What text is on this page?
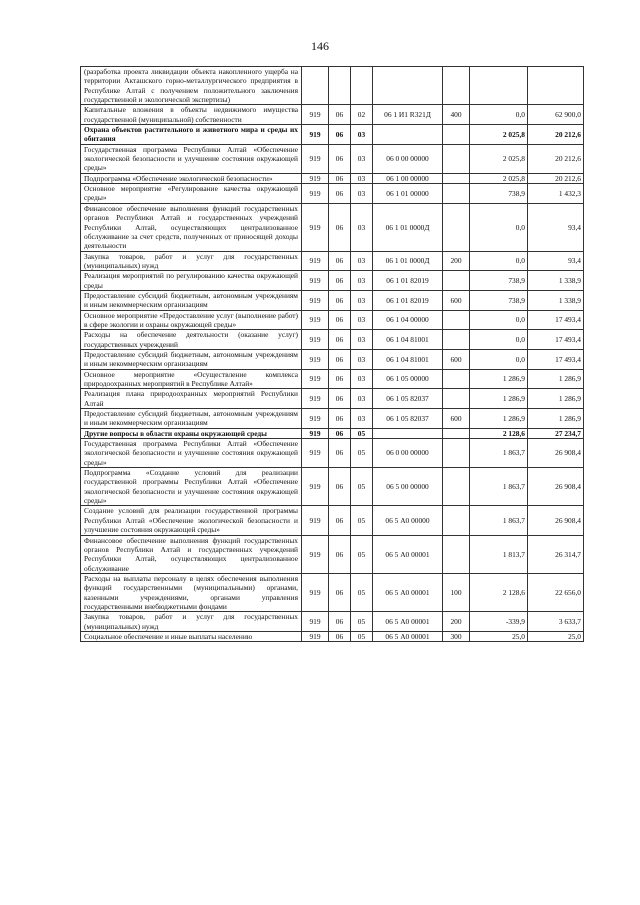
146
(разработка проекта ликвидации объекта накопленного ущерба на территории Акташского горно-металлургического предприятия в Республике Алтай с получением положительного заключения государственной и экологической экспертизы)							
Капитальные вложения в объекты недвижимого имущества государственной (муниципальной) собственности	919	06	02	06 1 И1 R321Д	400	0,0	62 900,0
Охрана объектов растительного и животного мира и среды их обитания	919	06	03			2 025,8	20 212,6
Государственная программа Республики Алтай «Обеспечение экологической безопасности и улучшение состояния окружающей среды»	919	06	03	06 0 00 00000		2 025,8	20 212,6
Подпрограмма «Обеспечение экологической безопасности»	919	06	03	06 1 00 00000		2 025,8	20 212,6
Основное мероприятие «Регулирование качества окружающей среды»	919	06	03	06 1 01 00000		738,9	1 432,3
Финансовое обеспечение выполнения функций государственных органов Республики Алтай и государственных учреждений Республики Алтай, осуществляющих централизованное обслуживание за счет средств, полученных от приносящей доходы деятельности	919	06	03	06 1 01 0000Д		0,0	93,4
Закупка товаров, работ и услуг для государственных (муниципальных) нужд	919	06	03	06 1 01 0000Д	200	0,0	93,4
Реализация мероприятий по регулированию качества окружающей среды	919	06	03	06 1 01 82019		738,9	1 338,9
Предоставление субсидий бюджетным, автономным учреждениям и иным некоммерческим организациям	919	06	03	06 1 01 82019	600	738,9	1 338,9
Основное мероприятие «Предоставление услуг (выполнение работ) в сфере экологии и охраны окружающей среды»	919	06	03	06 1 04 00000		0,0	17 493,4
Расходы на обеспечение деятельности (оказание услуг) государственных учреждений	919	06	03	06 1 04 81001		0,0	17 493,4
Предоставление субсидий бюджетным, автономным учреждениям и иным некоммерческим организациям	919	06	03	06 1 04 81001	600	0,0	17 493,4
Основное мероприятие «Осуществление комплекса природоохранных мероприятий в Республике Алтай»	919	06	03	06 1 05 00000		1 286,9	1 286,9
Реализация плана природоохранных мероприятий Республики Алтай	919	06	03	06 1 05 82037		1 286,9	1 286,9
Предоставление субсидий бюджетным, автономным учреждениям и иным некоммерческим организациям	919	06	03	06 1 05 82037	600	1 286,9	1 286,9
Другие вопросы в области охраны окружающей среды	919	06	05			2 128,6	27 234,7
Государственная программа Республики Алтай «Обеспечение экологической безопасности и улучшение состояния окружающей среды»	919	06	05	06 0 00 00000		1 863,7	26 908,4
Подпрограмма «Создание условий для реализации государственной программы Республики Алтай «Обеспечение экологической безопасности и улучшение состояния окружающей среды»	919	06	05	06 5 00 00000		1 863,7	26 908,4
Создание условий для реализации государственной программы Республики Алтай «Обеспечение экологической безопасности и улучшение состояния окружающей среды»	919	06	05	06 5 А0 00000		1 863,7	26 908,4
Финансовое обеспечение выполнения функций государственных органов Республики Алтай и государственных учреждений Республики Алтай, осуществляющих централизованное обслуживание	919	06	05	06 5 А0 00001		1 813,7	26 314,7
Расходы на выплаты персоналу в целях обеспечения выполнения функций государственными (муниципальными) органами, казенными учреждениями, органами управления государственными внебюджетными фондами	919	06	05	06 5 А0 00001	100	2 128,6	22 656,0
Закупка товаров, работ и услуг для государственных (муниципальных) нужд	919	06	05	06 5 А0 00001	200	-339,9	3 633,7
Социальное обеспечение и иные выплаты населению	919	06	05	06 5 А0 00001	300	25,0	25,0
